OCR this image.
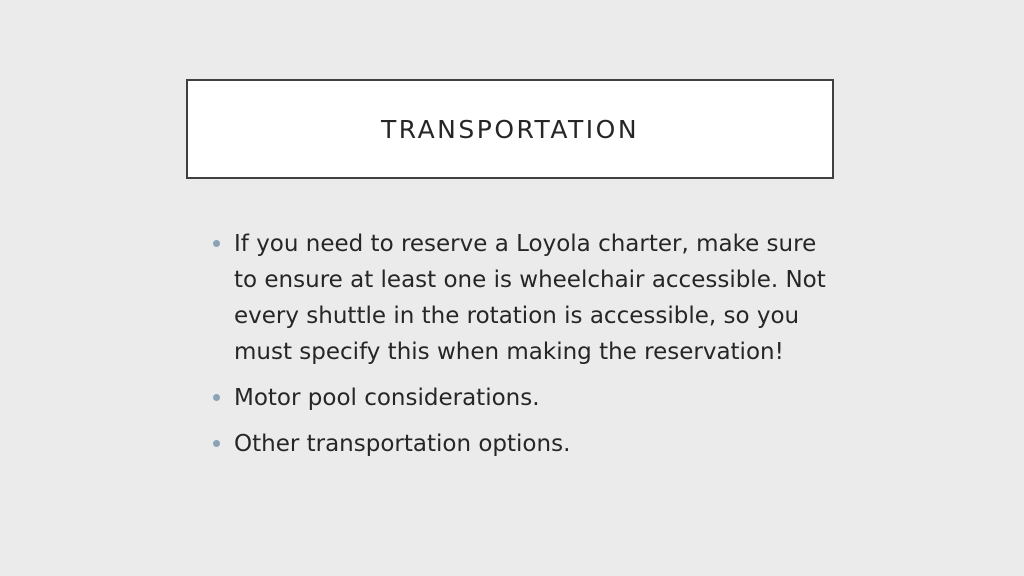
TRANSPORTATION
If you need to reserve a Loyola charter, make sure to ensure at least one is wheelchair accessible. Not every shuttle in the rotation is accessible, so you must specify this when making the reservation!
Motor pool considerations.
Other transportation options.
